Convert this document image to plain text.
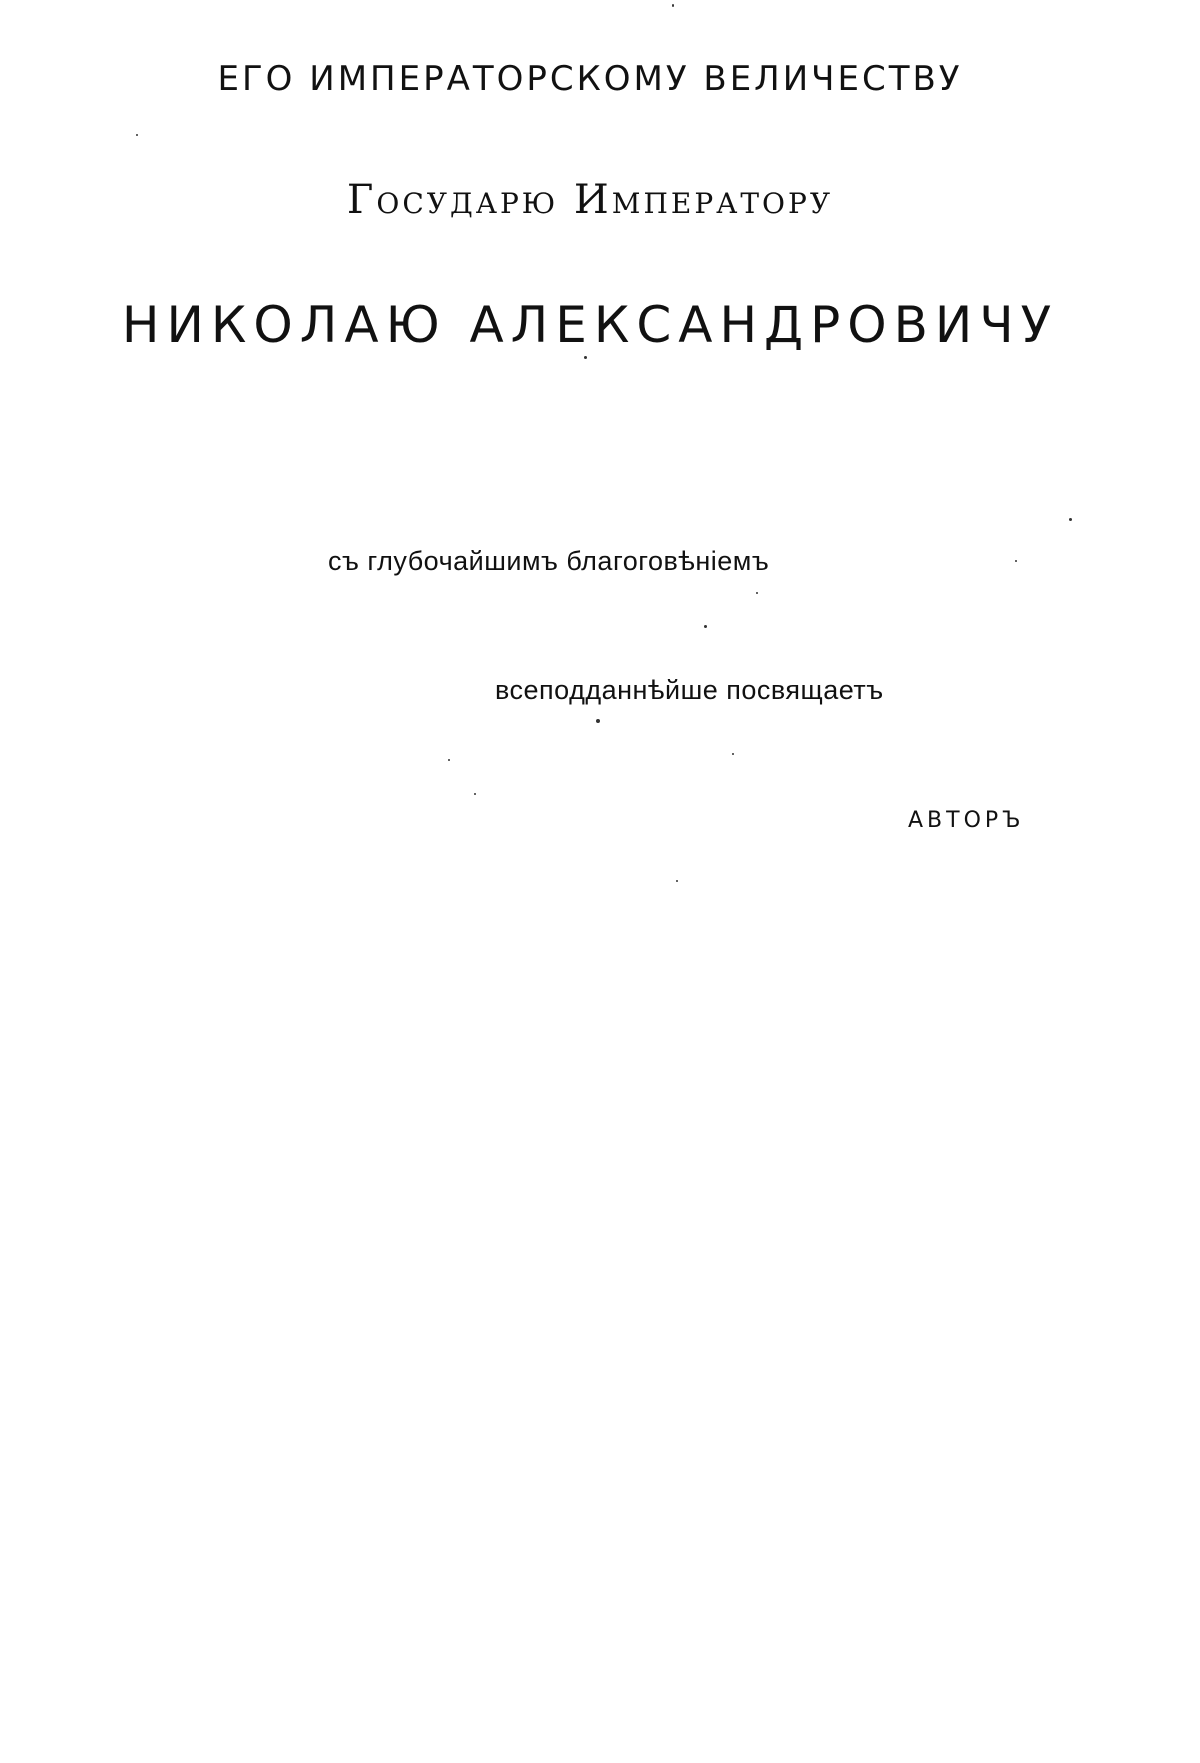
ЕГО ИМПЕРАТОРСКОМУ ВЕЛИЧЕСТВУ
Государю Императору
НИКОЛАЮ АЛЕКСАНДРОВИЧУ

съ глубочайшимъ благоговѣніемъ

всеподданнѣйше посвящаетъ

АВТОРЪ
